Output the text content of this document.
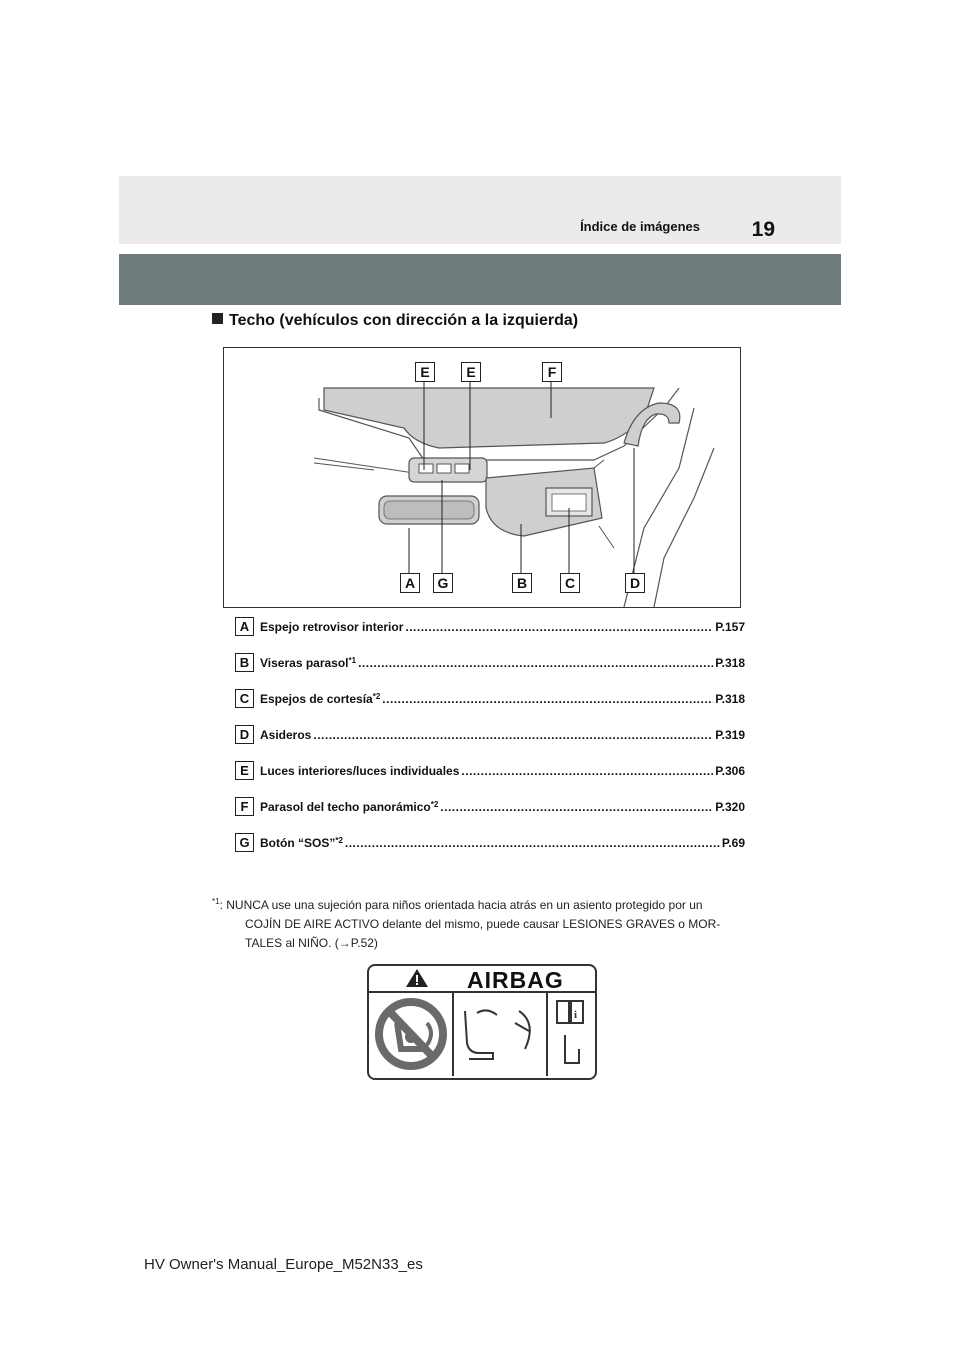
Índice de imágenes 19
Techo (vehículos con dirección a la izquierda)
E	E	F
A	G	B	C	D
A Espejo retrovisor interior .....	P.157
B Viseras parasol *1 .....	P.318
C Espejos de cortesía *2 .....	P.318
D Asideros .....	P.319
E Luces interiores/luces individuales .....	P.306
F Parasol del techo panorámico *2 .....	P.320
G Botón “SOS” *2 .....	P.69
$^{*1}$: NUNCA use una sujeción para niños orientada hacia atrás en un asiento protegido por un
COJÍN DE AIRE ACTIVO delante del mismo, puede causar LESIONES GRAVES o MOR-
TALES al NIÑO. (→P.52)
AIRBAG
i
HV Owner's Manual_Europe_M52N33_es
